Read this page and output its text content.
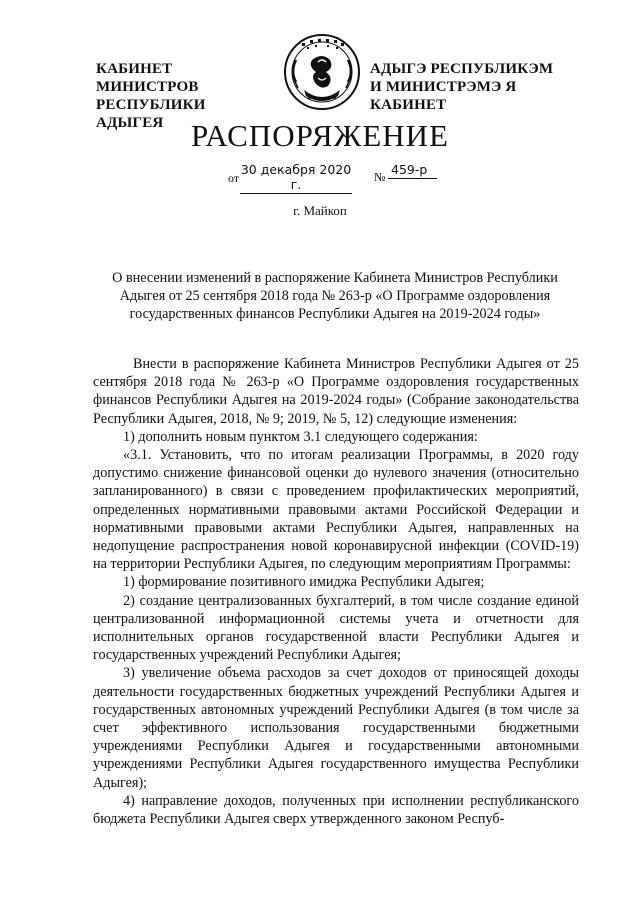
КАБИНЕТ МИНИСТРОВ
РЕСПУБЛИКИ АДЫГЕЯ
АДЫГЭ РЕСПУБЛИКЭМ
И МИНИСТРЭМЭ Я КАБИНЕТ
РАСПОРЯЖЕНИЕ
от
30 декабря 2020 г.	№ 459-р
г. Майкоп
О внесении изменений в распоряжение Кабинета Министров Республики Адыгея от 25 сентября 2018 года № 263-р «О Программе оздоровления государственных финансов Республики Адыгея на 2019-2024 годы»

Внести в распоряжение Кабинета Министров Республики Адыгея от 25 сентября 2018 года № 263-р «О Программе оздоровления государственных финансов Республики Адыгея на 2019-2024 годы» (Собрание законодательства Республики Адыгея, 2018, № 9; 2019, № 5, 12) следующие изменения:

1) дополнить новым пунктом 3.1 следующего содержания:

«3.1. Установить, что по итогам реализации Программы, в 2020 году допустимо снижение финансовой оценки до нулевого значения (относительно запланированного) в связи с проведением профилактических мероприятий, определенных нормативными правовыми актами Российской Федерации и нормативными правовыми актами Республики Адыгея, направленных на недопущение распространения новой коронавирусной инфекции (COVID-19) на территории Республики Адыгея, по следующим мероприятиям Программы:

1) формирование позитивного имиджа Республики Адыгея;

2) создание централизованных бухгалтерий, в том числе создание единой централизованной информационной системы учета и отчетности для исполнительных органов государственной власти Республики Адыгея и государственных учреждений Республики Адыгея;

3) увеличение объема расходов за счет доходов от приносящей доходы деятельности государственных бюджетных учреждений Республики Адыгея и государственных автономных учреждений Республики Адыгея (в том числе за счет эффективного использования государственными бюджетными учреждениями Республики Адыгея и государственными автономными учреждениями Республики Адыгея государственного имущества Республики Адыгея);

4) направление доходов, полученных при исполнении республиканского бюджета Республики Адыгея сверх утвержденного законом Респуб-
